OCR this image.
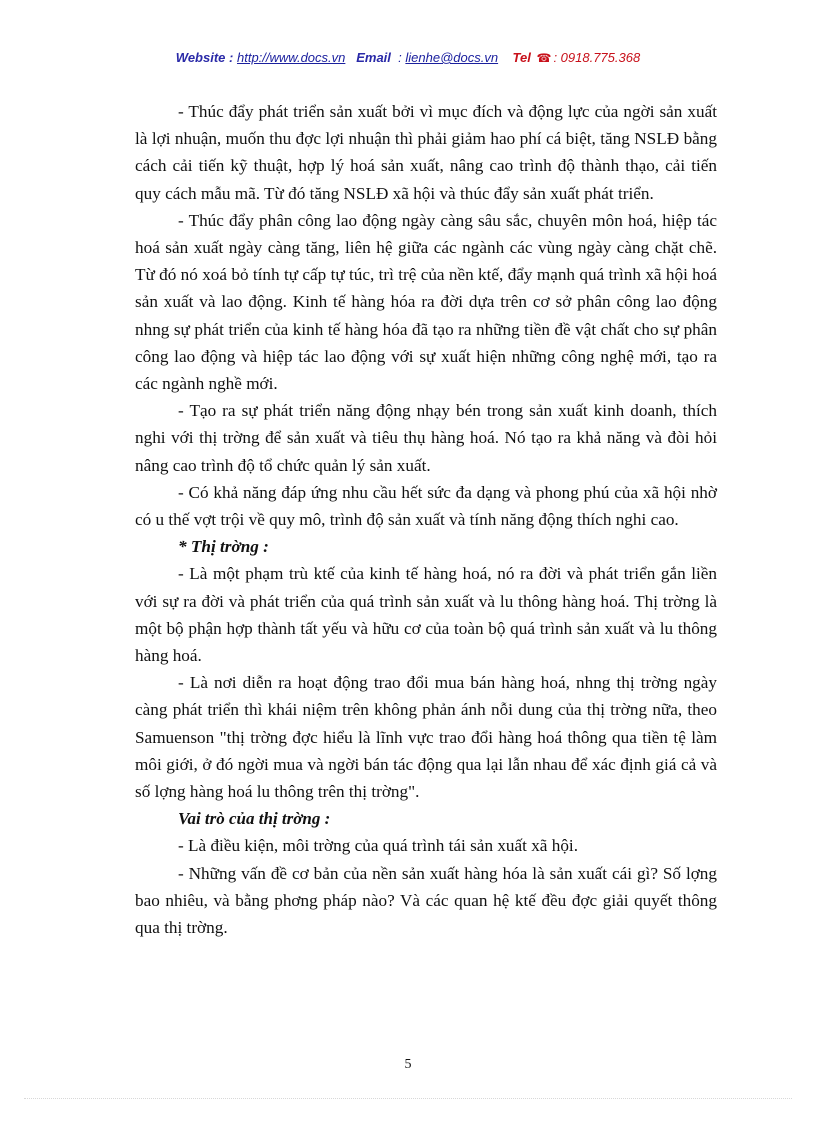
Website : http://www.docs.vn Email : lienhe@docs.vn Tel ☎ : 0918.775.368

- Thúc đẩy phát triển sản xuất bởi vì mục đích và động lực của ngời sản xuất là lợi nhuận, muốn thu đợc lợi nhuận thì phải giảm hao phí cá biệt, tăng NSLĐ bằng cách cải tiến kỹ thuật, hợp lý hoá sản xuất, nâng cao trình độ thành thạo, cải tiến quy cách mẫu mã. Từ đó tăng NSLĐ xã hội và thúc đẩy sản xuất phát triển.

- Thúc đẩy phân công lao động ngày càng sâu sắc, chuyên môn hoá, hiệp tác hoá sản xuất ngày càng tăng, liên hệ giữa các ngành các vùng ngày càng chặt chẽ. Từ đó nó xoá bỏ tính tự cấp tự túc, trì trệ của nền ktế, đẩy mạnh quá trình xã hội hoá sản xuất và lao động. Kinh tế hàng hóa ra đời dựa trên cơ sở phân công lao động nhng sự phát triển của kinh tế hàng hóa đã tạo ra những tiền đề vật chất cho sự phân công lao động và hiệp tác lao động với sự xuất hiện những công nghệ mới, tạo ra các ngành nghề mới.

- Tạo ra sự phát triển năng động nhạy bén trong sản xuất kinh doanh, thích nghi với thị trờng để sản xuất và tiêu thụ hàng hoá. Nó tạo ra khả năng và đòi hỏi nâng cao trình độ tổ chức quản lý sản xuất.

- Có khả năng đáp ứng nhu cầu hết sức đa dạng và phong phú của xã hội nhờ có u thế vợt trội về quy mô, trình độ sản xuất và tính năng động thích nghi cao.

* Thị trờng :

- Là một phạm trù ktế của kinh tế hàng hoá, nó ra đời và phát triển gắn liền với sự ra đời và phát triển của quá trình sản xuất và lu thông hàng hoá. Thị trờng là một bộ phận hợp thành tất yếu và hữu cơ của toàn bộ quá trình sản xuất và lu thông hàng hoá.

- Là nơi diễn ra hoạt động trao đổi mua bán hàng hoá, nhng thị trờng ngày càng phát triển thì khái niệm trên không phản ánh nỗi dung của thị trờng nữa, theo Samuenson "thị trờng đợc hiểu là lĩnh vực trao đổi hàng hoá thông qua tiền tệ làm môi giới, ở đó ngời mua và ngời bán tác động qua lại lẫn nhau để xác định giá cả và số lợng hàng hoá lu thông trên thị trờng".

Vai trò của thị trờng :

- Là điều kiện, môi trờng của quá trình tái sản xuất xã hội.

- Những vấn đề cơ bản của nền sản xuất hàng hóa là sản xuất cái gì? Số lợng bao nhiêu, và bằng phơng pháp nào? Và các quan hệ ktế đều đợc giải quyết thông qua thị trờng.

5
